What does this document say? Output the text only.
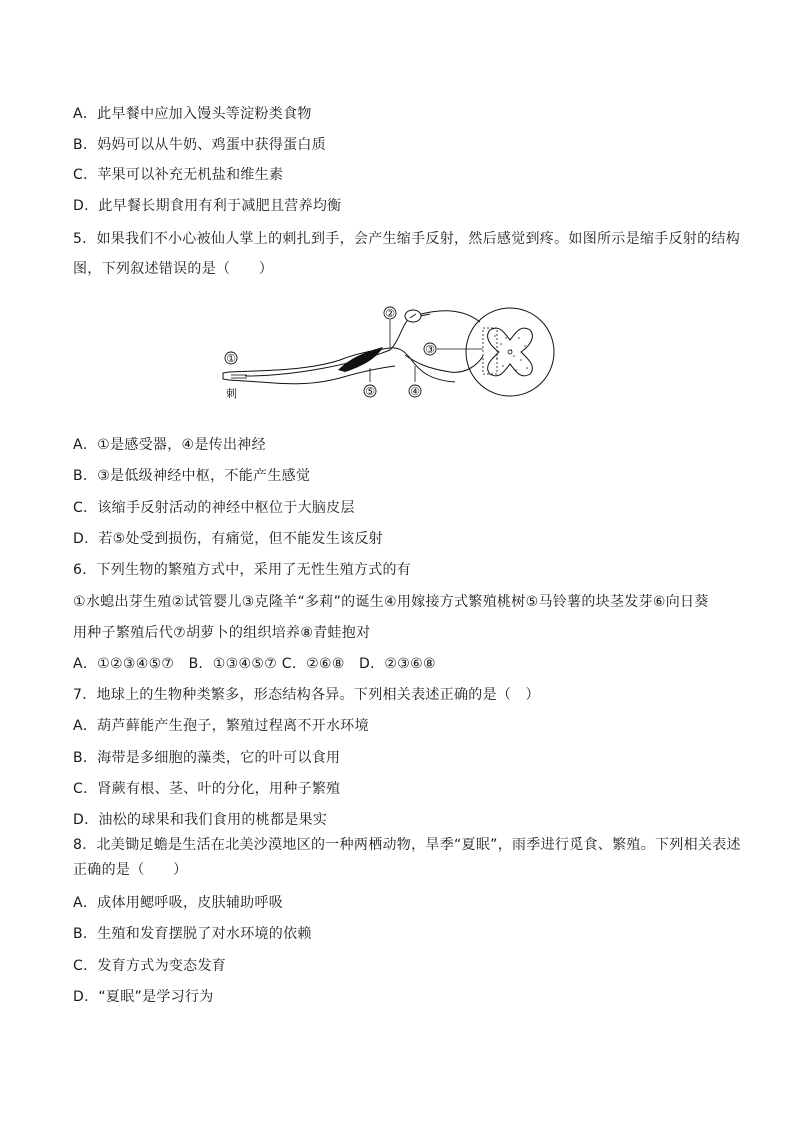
A．此早餐中应加入馒头等淀粉类食物
B．妈妈可以从牛奶、鸡蛋中获得蛋白质
C．苹果可以补充无机盐和维生素
D．此早餐长期食用有利于减肥且营养均衡
5．如果我们不小心被仙人掌上的刺扎到手，会产生缩手反射，然后感觉到疼。如图所示是缩手反射的结构
图，下列叙述错误的是（　　）
①
②
③
④
⑤
刺
A．①是感受器，④是传出神经
B．③是低级神经中枢，不能产生感觉
C．该缩手反射活动的神经中枢位于大脑皮层
D．若⑤处受到损伤，有痛觉，但不能发生该反射
6．下列生物的繁殖方式中，采用了无性生殖方式的有
①水螅出芽生殖②试管婴儿③克隆羊“多莉”的诞生④用嫁接方式繁殖桃树⑤马铃薯的块茎发芽⑥向日葵
用种子繁殖后代⑦胡萝卜的组织培养⑧青蛙抱对
A．①②③④⑤⑦　B．①③④⑤⑦ C．②⑥⑧　D．②③⑥⑧
7．地球上的生物种类繁多，形态结构各异。下列相关表述正确的是（　）
A．葫芦藓能产生孢子，繁殖过程离不开水环境
B．海带是多细胞的藻类，它的叶可以食用
C．肾蕨有根、茎、叶的分化，用种子繁殖
D．油松的球果和我们食用的桃都是果实
8．北美锄足蟾是生活在北美沙漠地区的一种两栖动物，旱季“夏眠”，雨季进行觅食、繁殖。下列相关表述
正确的是（　　）
A．成体用鳃呼吸，皮肤辅助呼吸
B．生殖和发育摆脱了对水环境的依赖
C．发育方式为变态发育
D．“夏眠”是学习行为
